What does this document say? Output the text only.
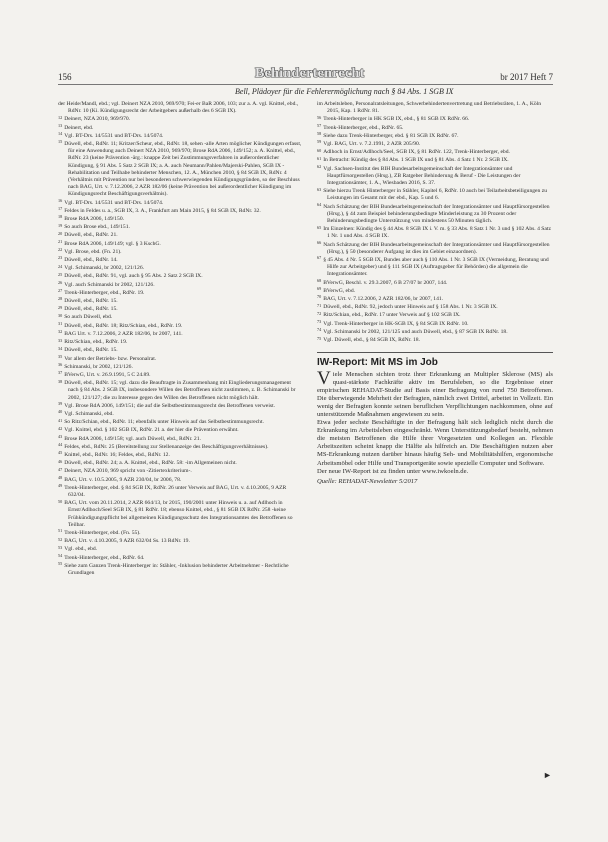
156	Behindertenrecht	br 2017 Heft 7
Bell, Plädoyer für die Fehlerermöglichung nach § 84 Abs. 1 SGB IX

der Heide/Mandl, ebd.; vgl. Deinert NZA 2010, 969/970; Fei-er BaR 2006, 103; zur a. A. vgl. Knittel, ebd., RdNr. 10 (Ki. Kündigungsrecht der Arbeitgebers außerhalb des 6 SGB IX).

$^{12}$ Deinert, NZA 2010, 969/970.

$^{13}$ Deinert, ebd.

$^{14}$ Vgl. BT-Drs. 14/5531 und BT-Drs. 14/5074.

$^{15}$ Düwell, ebd., RdNr. 11; Kritzer/Scheur, ebd., RdNr. 18, sehen -alle Arten möglicher Kündigungen erfasst, für eine Anwendung auch Deinert NZA 2010, 969/970; Brose RdA 2006, 149/152; a. A. Knittel, ebd., RdNr. 23 (keine Prävention -ärg.: knappe Zeit bei Zustimmungsverfahren in außerordentlicher Kündigung, § 91 Abs. 5 Satz 2 SGB IX; a. A. auch Neumann/Pahlen/Majerski-Pahlen, SGB IX -Rehabilitation und Teilhabe behinderter Menschen, 12. A., München 2010, § 84 SGB IX, RdNr. 4 (Verhältnis mit Prävention nur bei besonderen schwerwiegenden Kündigungsgründen, so der Beschluss nach BAG, Urt. v. 7.12.2006, 2 AZR 182/06 (keine Prävention bei außerordentlicher Kündigung im Kündigungsrecht Beschäftigungsverhältnis).

$^{16}$ Vgl. BT-Drs. 14/5531 und BT-Drs. 14/5074.

$^{17}$ Feldes in Feldes u. a., SGB IX, 3. A., Frankfurt am Main 2015, § 84 SGB IX, RdNr. 32.

$^{18}$ Brose RdA 2006, 149/150.

$^{19}$ So auch Brose ebd., 149/151.

$^{20}$ Düwell, ebd., RdNr. 21.

$^{21}$ Brose RdA 2006, 149/149; vgl. § 3 KschG.

$^{22}$ Vgl. Brose, ebd. (Fn. 21).

$^{23}$ Düwell, ebd., RdNr. 14.

$^{24}$ Vgl. Schimanski, br 2002, 121/126.

$^{25}$ Düwell, ebd., RdNr. 91, vgl. auch § 95 Abs. 2 Satz 2 SGB IX.

$^{26}$ Vgl. auch Schimanski br 2002, 121/126.

$^{27}$ Trenk-Hinterberger, ebd., RdNr. 19.

$^{28}$ Düwell, ebd., RdNr. 15.

$^{29}$ Düwell, ebd., RdNr. 15.

$^{30}$ So auch Düwell, ebd.

$^{31}$ Düwell, ebd., RdNr. 18; Ritz/Schian, ebd., RdNr. 19.

$^{32}$ BAG Urt. v. 7.12.2006, 2 AZR 182/06, br 2007, 141.

$^{33}$ Ritz/Schian, ebd., RdNr. 19.

$^{34}$ Düwell, ebd., RdNr. 15.

$^{35}$ Vor allem der Betriebs- bzw. Personalrat.

$^{36}$ Schimanski, br 2002, 121/126.

$^{37}$ BVerwG, Urt. v. 26.9.1991, 5 C 24.89.

$^{38}$ Düwell, ebd., RdNr. 15; vgl. dazu die Beauftragte in Zusammenhang mit Eingliederungsmanagement nach § 84 Abs. 2 SGB IX, insbesondere Willen des Betroffenen nicht zustimmen, z. B. Schimanski br 2002, 121/127; die zu Interesse gegen den Willen des Betroffenen nicht möglich hält.

$^{39}$ Vgl. Brose RdA 2006, 149/151; die auf die Selbstbestimmungsrecht des Betroffenen verweist.

$^{40}$ Vgl. Schimanski, ebd.

$^{41}$ So Ritz/Schian, ebd., RdNr. 11; ebenfalls unter Hinweis auf das Selbstbestimmungsrecht.

$^{42}$ Vgl. Knittel, ebd. § 102 SGB IX, RdNr. 21 a. der hier die Prävention erwähnt.

$^{43}$ Brose RdA 2006, 149/158; vgl. auch Düwell, ebd., RdNr. 21.

$^{44}$ Feldes, ebd., RdNr. 25 (Bereitstellung zur Stellenanzeige des Beschäftigungsverhältnisses).

$^{45}$ Knittel, ebd., RdNr. 16; Feldes, ebd., RdNr. 12.

$^{46}$ Düwell, ebd., RdNr. 24; a. A. Knittel, ebd., RdNr. 58: -im Allgemeinen nicht.

$^{47}$ Deinert, NZA 2010, 969 spricht von -Zitiertexkriterium-.

$^{48}$ BAG, Urt. v. 10.5.2005, 9 AZR 230/04, br 2006, 78.

$^{49}$ Trenk-Hinterberger, ebd. § 84 SGB IX, RdNr. 26 unter Verweis auf BAG, Urt. v. 4.10.2005, 9 AZR 632/04.

$^{50}$ BAG, Urt. vom 20.11.2014, 2 AZR 664/13, br 2015, 190/2001 unter Hinweis u. a. auf Adlhoch in Ernst/Adlhoch/Seel SGB IX, § 81 RdNr. 18; ebenso Knittel, ebd., § 81 SGB IX RdNr. 258 -keine Frühkündigungspflicht bei allgemeinen Kündigungsschutz des Integrationsamtes des Betroffenen so Teilbar.

$^{51}$ Trenk-Hinterberger, ebd. (Fn. 55).

$^{52}$ BAG, Urt. v. 4.10.2005, 9 AZR 632/04 Ss. 13 RdNr. 19.

$^{53}$ Vgl. ebd., ebd.

$^{54}$ Trenk-Hinterberger, ebd., RdNr. 64.

$^{55}$ Siehe zum Ganzen Trenk-Hinterberger in: Stähler, -Inklusion behinderter Arbeitnehmer - Rechtliche Grundlagen

im Arbeitsleben, Personalratsleitungen, Schwerbehindertenvertretung und Betriebsräten, 1. A., Köln 2015, Kap. 1 RdNr. 81.

$^{56}$ Trenk-Hinterberger in HK SGB IX, ebd., § 81 SGB IX RdNr. 66.

$^{57}$ Trenk-Hinterberger, ebd., RdNr. 65.

$^{58}$ Siehe dazu Trenk-Hinterberger, ebd. § 81 SGB IX RdNr. 67.

$^{59}$ Vgl. BAG, Urt. v. 7.2.1991, 2 AZR 205/90.

$^{60}$ Adlhoch in Ernst/Adlhoch/Seel, SGB IX, § 81 RdNr. 122, Trenk-Hinterberger, ebd.

$^{61}$ In Betracht: Kündig des § 84 Abs. 1 SGB IX und § 81 Abs. 4 Satz 1 Nr. 2 SGB IX.

$^{62}$ Vgl. Sachsen-Institut des BIH Bundesarbeitsgemeinschaft der Integrationsämter und Hauptfürsorgestellen (Hrsg.), ZB Ratgeber Behinderung & Beruf - Die Leistungen der Integrationsämter, 1. A., Wiesbaden 2016, S. 37.

$^{63}$ Siehe hierzu Trenk Hinterberger in Stähler, Kapitel 6, RdNr. 10 auch bei Teilarbeitsbeteiligungen zu Leistungen im Gesamt mit der ebd., Kap. 5 und 6.

$^{64}$ Nach Schätzung der BIH Bundesarbeitsgemeinschaft der Integrationsämter und Hauptfürsorgestellen (Hrsg.), § 44 zum Beispiel behinderungsbedingte Minderleistung zu 30 Prozent oder Behinderungsbedingte Unterstützung von mindestens 50 Minuten täglich.

$^{65}$ Im Einzelnen: Kündig des § 44 Abs. 8 SGB IX i. V. m. § 33 Abs. 8 Satz 1 Nr. 3 und § 102 Abs. 4 Satz 1 Nr. 1 und Abs. 4 SGB IX.

$^{66}$ Nach Schätzung der BIH Bundesarbeitsgemeinschaft der Integrationsämter und Hauptfürsorgestellen (Hrsg.), § 50 (besonderer Aufgang ist dies im Gebiet einzuordnen).

$^{67}$ § 45 Abs. 4 Nr. 5 SGB IX, Bundes aber auch § 110 Abs. 1 Nr. 3 SGB IX (Vermeidung, Beratung und Hilfe zur Arbeitgeber) und § 111 SGB IX (Auftragsgeber für Behörden) die allgemein die Integrationsämter.

$^{68}$ BVerwG, Beschl. v. 29.3.2007, 6 B 27/07 br 2007, 144.

$^{69}$ BVerwG, ebd.

$^{70}$ BAG, Urt. v. 7.12.2006, 2 AZR 182/06, br 2007, 141.

$^{71}$ Düwell, ebd., RdNr. 92, jedoch unter Hinweis auf § 158 Abs. 1 Nr. 3 SGB IX.

$^{72}$ Ritz/Schian, ebd., RdNr. 17 unter Verweis auf § 102 SGB IX.

$^{73}$ Vgl. Trenk-Hinterberger in HK-SGB IX, § 84 SGB IX RdNr. 10.

$^{74}$ Vgl. Schimanski br 2002, 121/125 und auch Düwell, ebd., § 87 SGB IX RdNr. 18.

$^{75}$ Vgl. Düwell, ebd., § 84 SGB IX, RdNr. 18.

IW-Report: Mit MS im Job

Viele Menschen sichten trotz ihrer Erkrankung an Multipler Sklerose (MS) als quasi-stärkste Fachkräfte aktiv im Berufsleben, so die Ergebnisse einer empirischen REHADAT-Studie auf Basis einer Befragung von rund 750 Betroffenen. Die überwiegende Mehrheit der Befragten, nämlich zwei Drittel, arbeitet in Vollzeit. Ein wenig der Befragten konnte seinen beruflichen Verpflichtungen nachkommen, ohne auf unterstützende Maßnahmen angewiesen zu sein.

Etwa jeder sechste Beschäftigte in der Befragung hält sich lediglich nicht durch die Erkrankung im Arbeitsleben eingeschränkt. Wenn Unterstützungsbedarf besteht, nehmen die meisten Betroffenen die Hilfe ihrer Vorgesetzten und Kollegen an. Flexible Arbeitszeiten scheint knapp die Hälfte als hilfreich an. Die Beschäftigten nutzen aber MS-Erkrankung nutzen darüber hinaus häufig Seh- und Mobilitätshilfen, ergonomische Arbeitsmöbel oder Hilfe und Transportgeräte sowie spezielle Computer und Software.

Der neue IW-Report ist zu finden unter www.iwkoeln.de.

Quelle: REHADAT-Newsletter 5/2017

►
